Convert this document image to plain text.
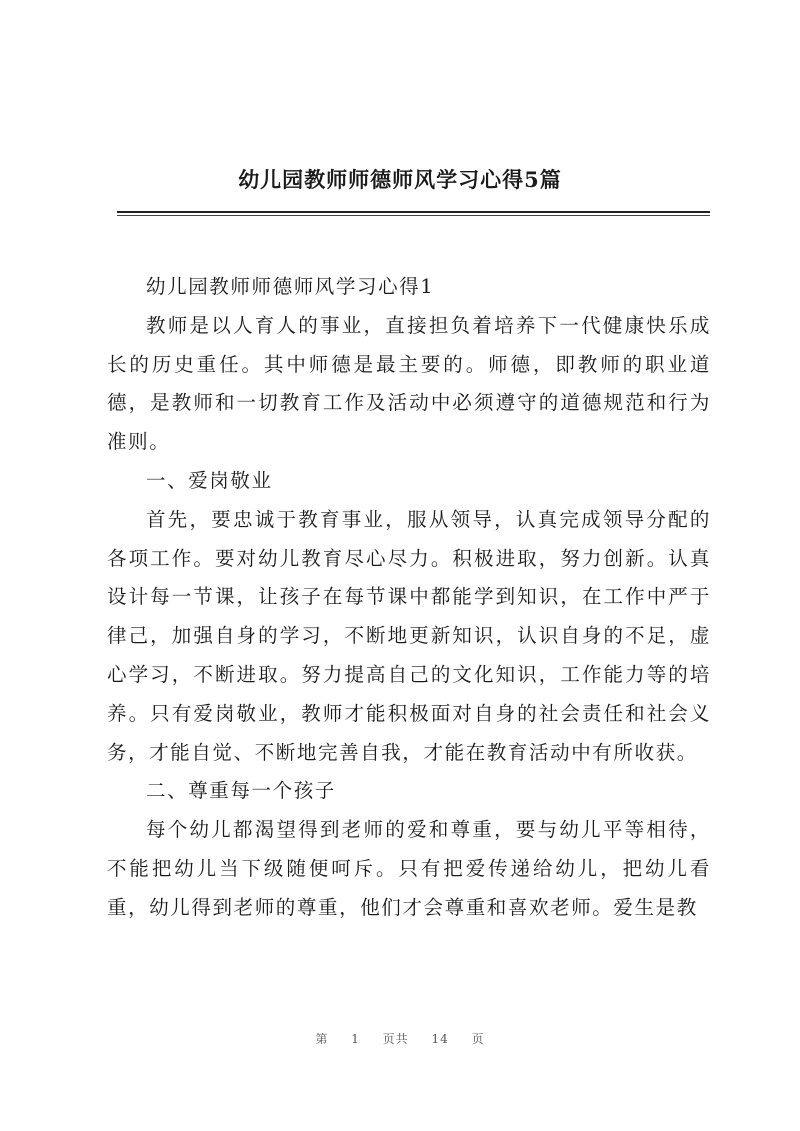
幼儿园教师师德师风学习心得5篇

幼儿园教师师德师风学习心得1

教师是以人育人的事业，直接担负着培养下一代健康快乐成长的历史重任。其中师德是最主要的。师德，即教师的职业道德，是教师和一切教育工作及活动中必须遵守的道德规范和行为准则。

一、爱岗敬业

首先，要忠诚于教育事业，服从领导，认真完成领导分配的各项工作。要对幼儿教育尽心尽力。积极进取，努力创新。认真设计每一节课，让孩子在每节课中都能学到知识，在工作中严于律己，加强自身的学习，不断地更新知识，认识自身的不足，虚心学习，不断进取。努力提高自己的文化知识，工作能力等的培养。只有爱岗敬业，教师才能积极面对自身的社会责任和社会义务，才能自觉、不断地完善自我，才能在教育活动中有所收获。

二、尊重每一个孩子

每个幼儿都渴望得到老师的爱和尊重，要与幼儿平等相待，不能把幼儿当下级随便呵斥。只有把爱传递给幼儿，把幼儿看重，幼儿得到老师的尊重，他们才会尊重和喜欢老师。爱生是教

第 1 页共 14 页
